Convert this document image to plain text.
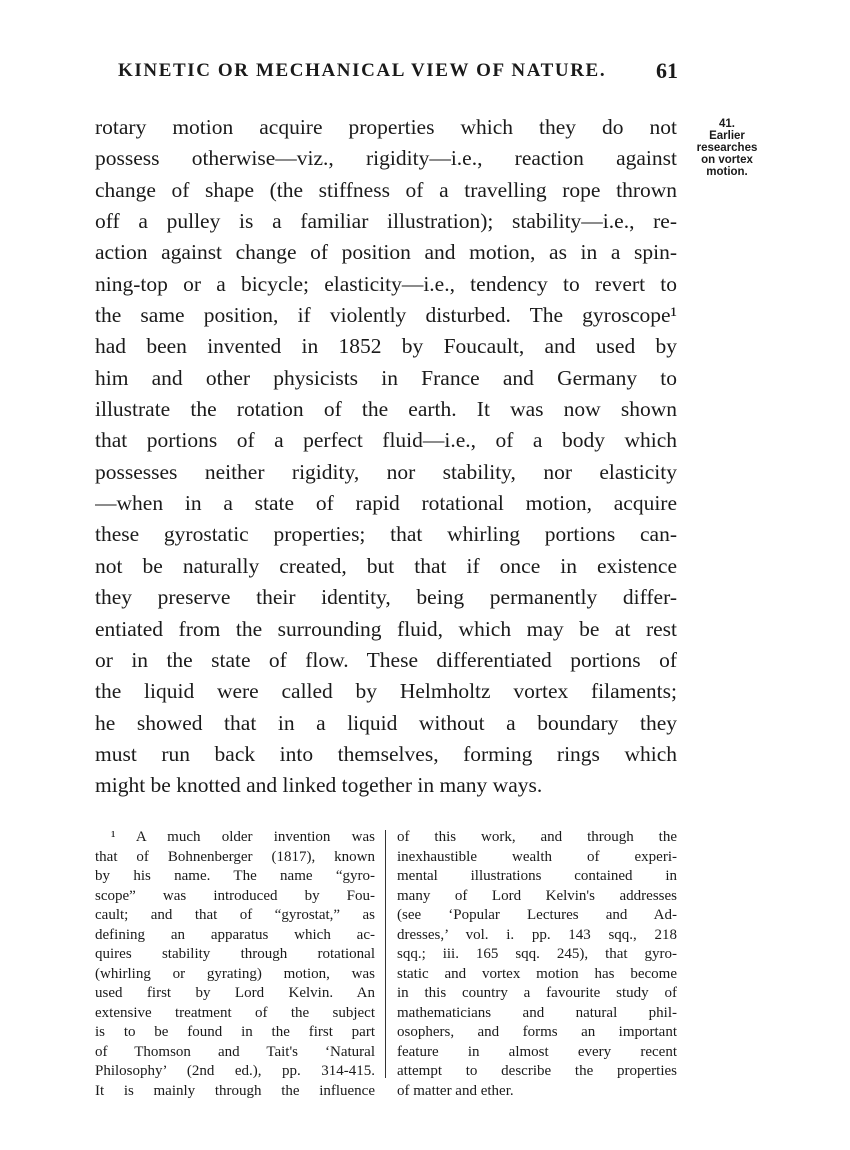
KINETIC OR MECHANICAL VIEW OF NATURE. 61
41.
Earlier
researches
on vortex
motion.
rotary motion acquire properties which they do not
possess otherwise—viz., rigidity—i.e., reaction against
change of shape (the stiffness of a travelling rope thrown
off a pulley is a familiar illustration); stability—i.e., re-
action against change of position and motion, as in a spin-
ning-top or a bicycle; elasticity—i.e., tendency to revert to
the same position, if violently disturbed. The gyroscope¹
had been invented in 1852 by Foucault, and used by
him and other physicists in France and Germany to
illustrate the rotation of the earth. It was now shown
that portions of a perfect fluid—i.e., of a body which
possesses neither rigidity, nor stability, nor elasticity
—when in a state of rapid rotational motion, acquire
these gyrostatic properties; that whirling portions can-
not be naturally created, but that if once in existence
they preserve their identity, being permanently differ-
entiated from the surrounding fluid, which may be at rest
or in the state of flow. These differentiated portions of
the liquid were called by Helmholtz vortex filaments;
he showed that in a liquid without a boundary they
must run back into themselves, forming rings which
might be knotted and linked together in many ways.
¹ A much older invention was
that of Bohnenberger (1817), known
by his name. The name “gyro-
scope” was introduced by Fou-
cault; and that of “gyrostat,” as
defining an apparatus which ac-
quires stability through rotational
(whirling or gyrating) motion, was
used first by Lord Kelvin. An
extensive treatment of the subject
is to be found in the first part
of Thomson and Tait's ‘Natural
Philosophy’ (2nd ed.), pp. 314-415.
It is mainly through the influence
of this work, and through the
inexhaustible wealth of experi-
mental illustrations contained in
many of Lord Kelvin's addresses
(see ‘Popular Lectures and Ad-
dresses,’ vol. i. pp. 143 sqq., 218
sqq.; iii. 165 sqq. 245), that gyro-
static and vortex motion has become
in this country a favourite study of
mathematicians and natural phil-
osophers, and forms an important
feature in almost every recent
attempt to describe the properties
of matter and ether.
